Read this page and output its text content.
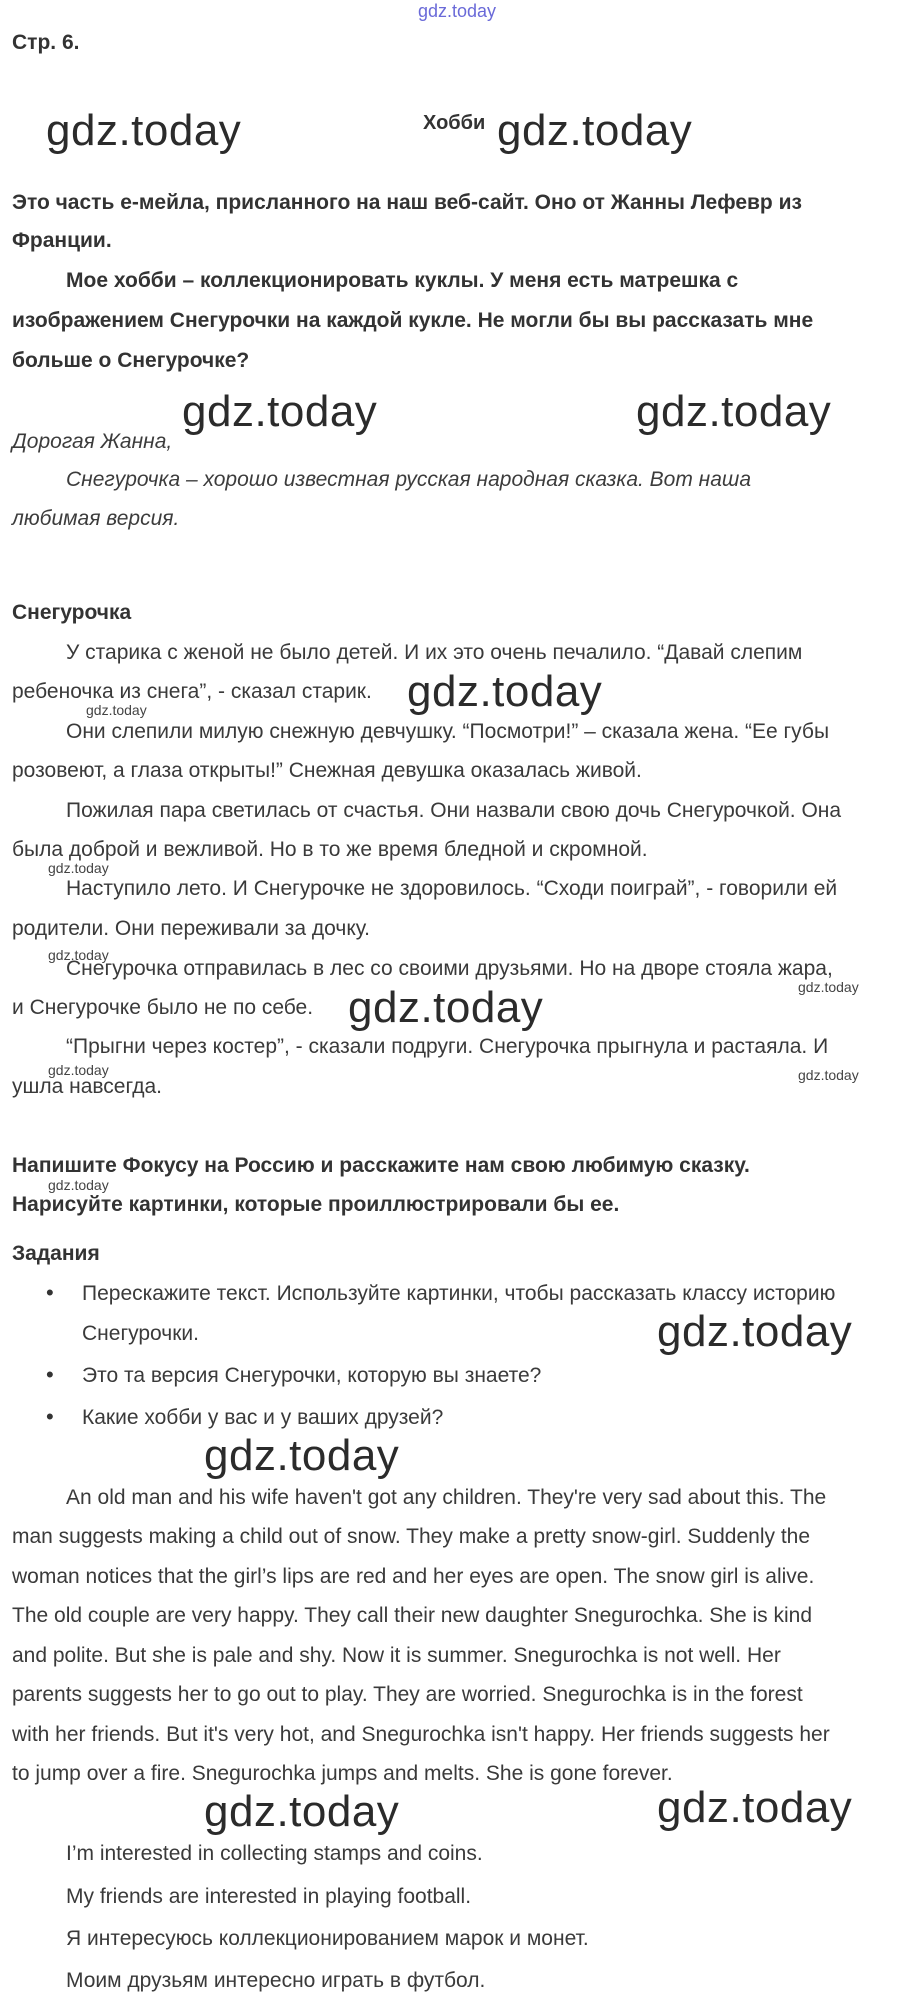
gdz.today
Стр. 6.
Хобби
Это часть е-мейла, присланного на наш веб-сайт. Оно от Жанны Лефевр из
Франции.
Мое хобби – коллекционировать куклы. У меня есть матрешка с
изображением Снегурочки на каждой кукле. Не могли бы вы рассказать мне
больше о Снегурочке?
Дорогая Жанна,
Снегурочка – хорошо известная русская народная сказка. Вот наша
любимая версия.
Снегурочка
У старика с женой не было детей. И их это очень печалило. “Давай слепим
ребеночка из снега”, - сказал старик.
Они слепили милую снежную девчушку. “Посмотри!” – сказала жена. “Ее губы
розовеют, а глаза открыты!” Снежная девушка оказалась живой.
Пожилая пара светилась от счастья. Они назвали свою дочь Снегурочкой. Она
была доброй и вежливой. Но в то же время бледной и скромной.
Наступило лето. И Снегурочке не здоровилось. “Сходи поиграй”, - говорили ей
родители. Они переживали за дочку.
Снегурочка отправилась в лес со своими друзьями. Но на дворе стояла жара,
и Снегурочке было не по себе.
“Прыгни через костер”, - сказали подруги. Снегурочка прыгнула и растаяла. И
ушла навсегда.
Напишите Фокусу на Россию и расскажите нам свою любимую сказку.
Нарисуйте картинки, которые проиллюстрировали бы ее.
Задания
• Перескажите текст. Используйте картинки, чтобы рассказать классу историю
Снегурочки.
• Это та версия Снегурочки, которую вы знаете?
• Какие хобби у вас и у ваших друзей?
An old man and his wife haven't got any children. They're very sad about this. The
man suggests making a child out of snow. They make a pretty snow-girl. Suddenly the
woman notices that the girl’s lips are red and her eyes are open. The snow girl is alive.
The old couple are very happy. They call their new daughter Snegurochka. She is kind
and polite. But she is pale and shy. Now it is summer. Snegurochka is not well. Her
parents suggests her to go out to play. They are worried. Snegurochka is in the forest
with her friends. But it's very hot, and Snegurochka isn't happy. Her friends suggests her
to jump over a fire. Snegurochka jumps and melts. She is gone forever.
I’m interested in collecting stamps and coins.
My friends are interested in playing football.
Я интересуюсь коллекционированием марок и монет.
Моим друзьям интересно играть в футбол.
gdz.today	gdz.today
gdz.today	gdz.today
gdz.today
gdz.today
gdz.today
gdz.today
gdz.today	gdz.today
gdz.today
gdz.today
gdz.today
gdz.today
gdz.today	gdz.today
gdz.today
